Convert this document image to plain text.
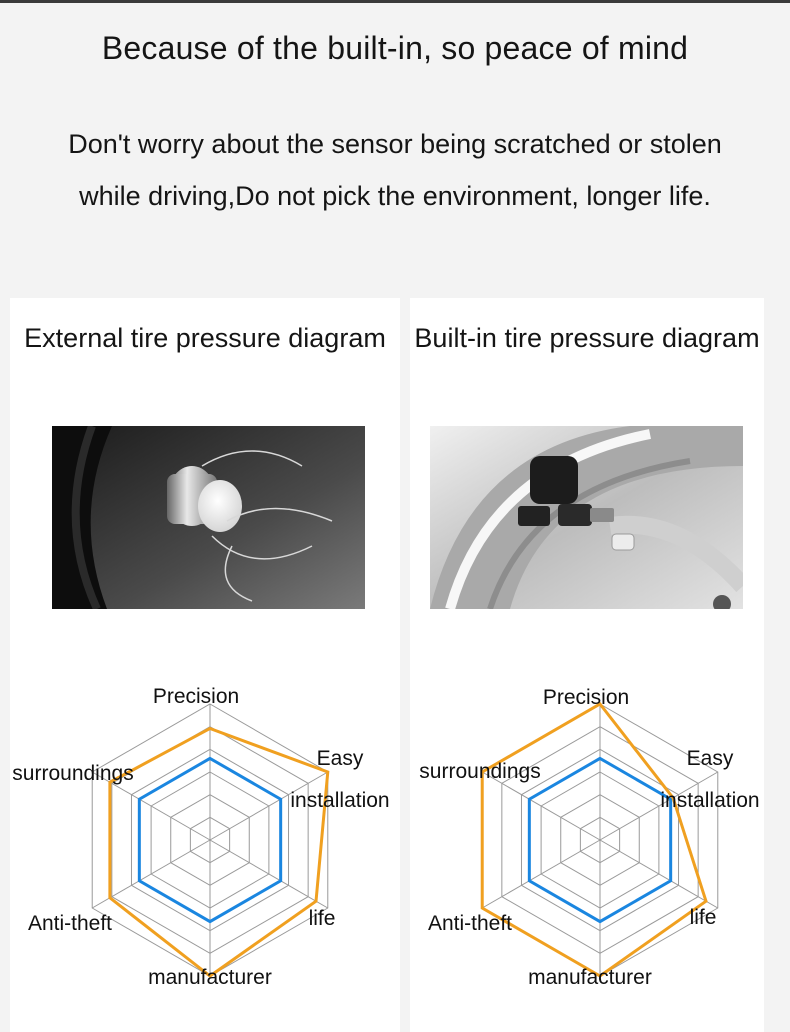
Because of the built-in, so peace of mind
Don't worry about the sensor being scratched or stolen while driving,Do not pick the environment, longer life.
External tire pressure diagram
Precision
Easy
installation
life
manufacturer
Anti-theft
surroundings
Built-in tire pressure diagram
Precision
Easy
installation
life
manufacturer
Anti-theft
surroundings
